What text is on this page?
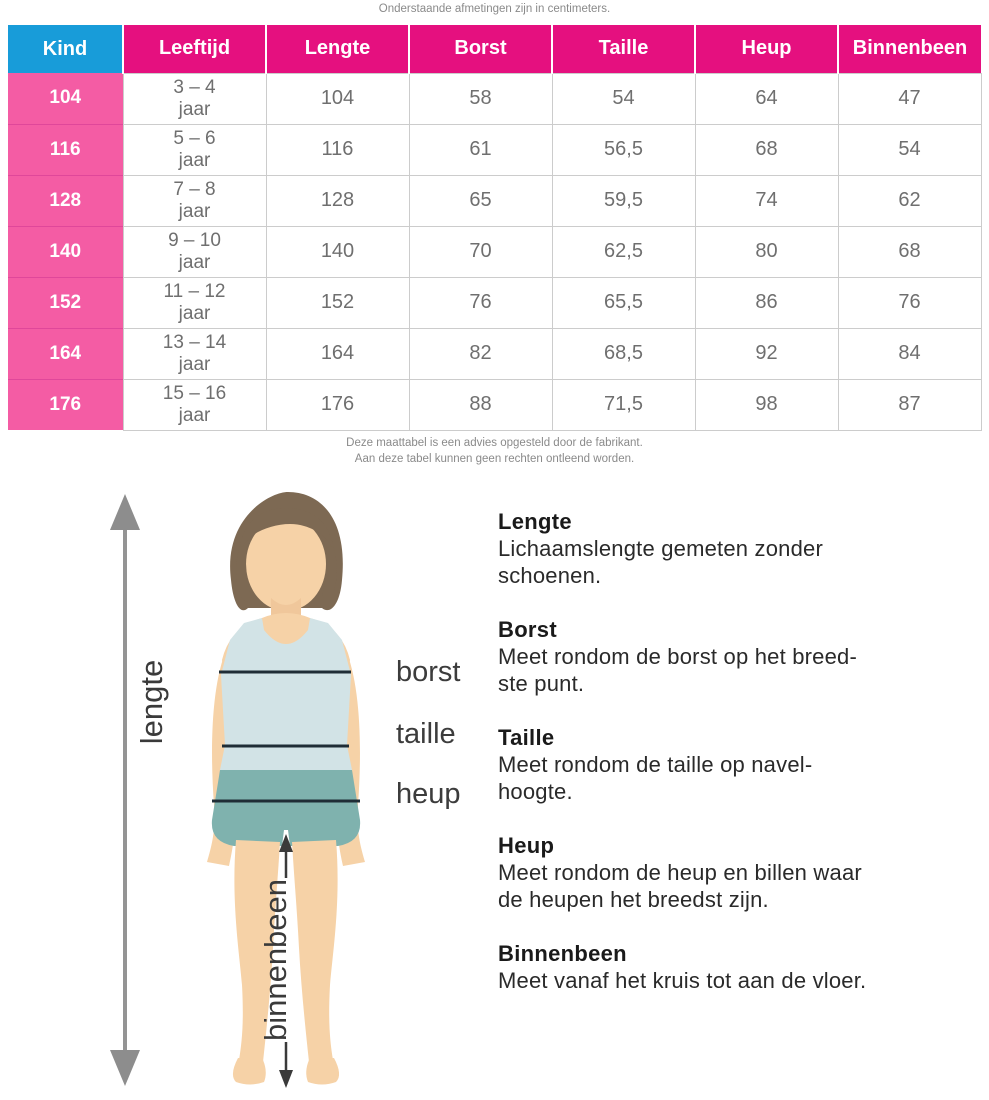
Onderstaande afmetingen zijn in centimeters.
Kind	Leeftijd	Lengte	Borst	Taille	Heup	Binnenbeen
104	3 – 4
jaar	104	58	54	64	47
116	5 – 6
jaar	116	61	56,5	68	54
128	7 – 8
jaar	128	65	59,5	74	62
140	9 – 10
jaar	140	70	62,5	80	68
152	11 – 12
jaar	152	76	65,5	86	76
164	13 – 14
jaar	164	82	68,5	92	84
176	15 – 16
jaar	176	88	71,5	98	87
Deze maattabel is een advies opgesteld door de fabrikant.
Aan deze tabel kunnen geen rechten ontleend worden.
lengte
binnenbeen
borst
taille
heup
Lengte
Lichaamslengte gemeten zonder
schoenen.
Borst
Meet rondom de borst op het breed-
ste punt.
Taille
Meet rondom de taille op navel-
hoogte.
Heup
Meet rondom de heup en billen waar
de heupen het breedst zijn.
Binnenbeen
Meet vanaf het kruis tot aan de vloer.
